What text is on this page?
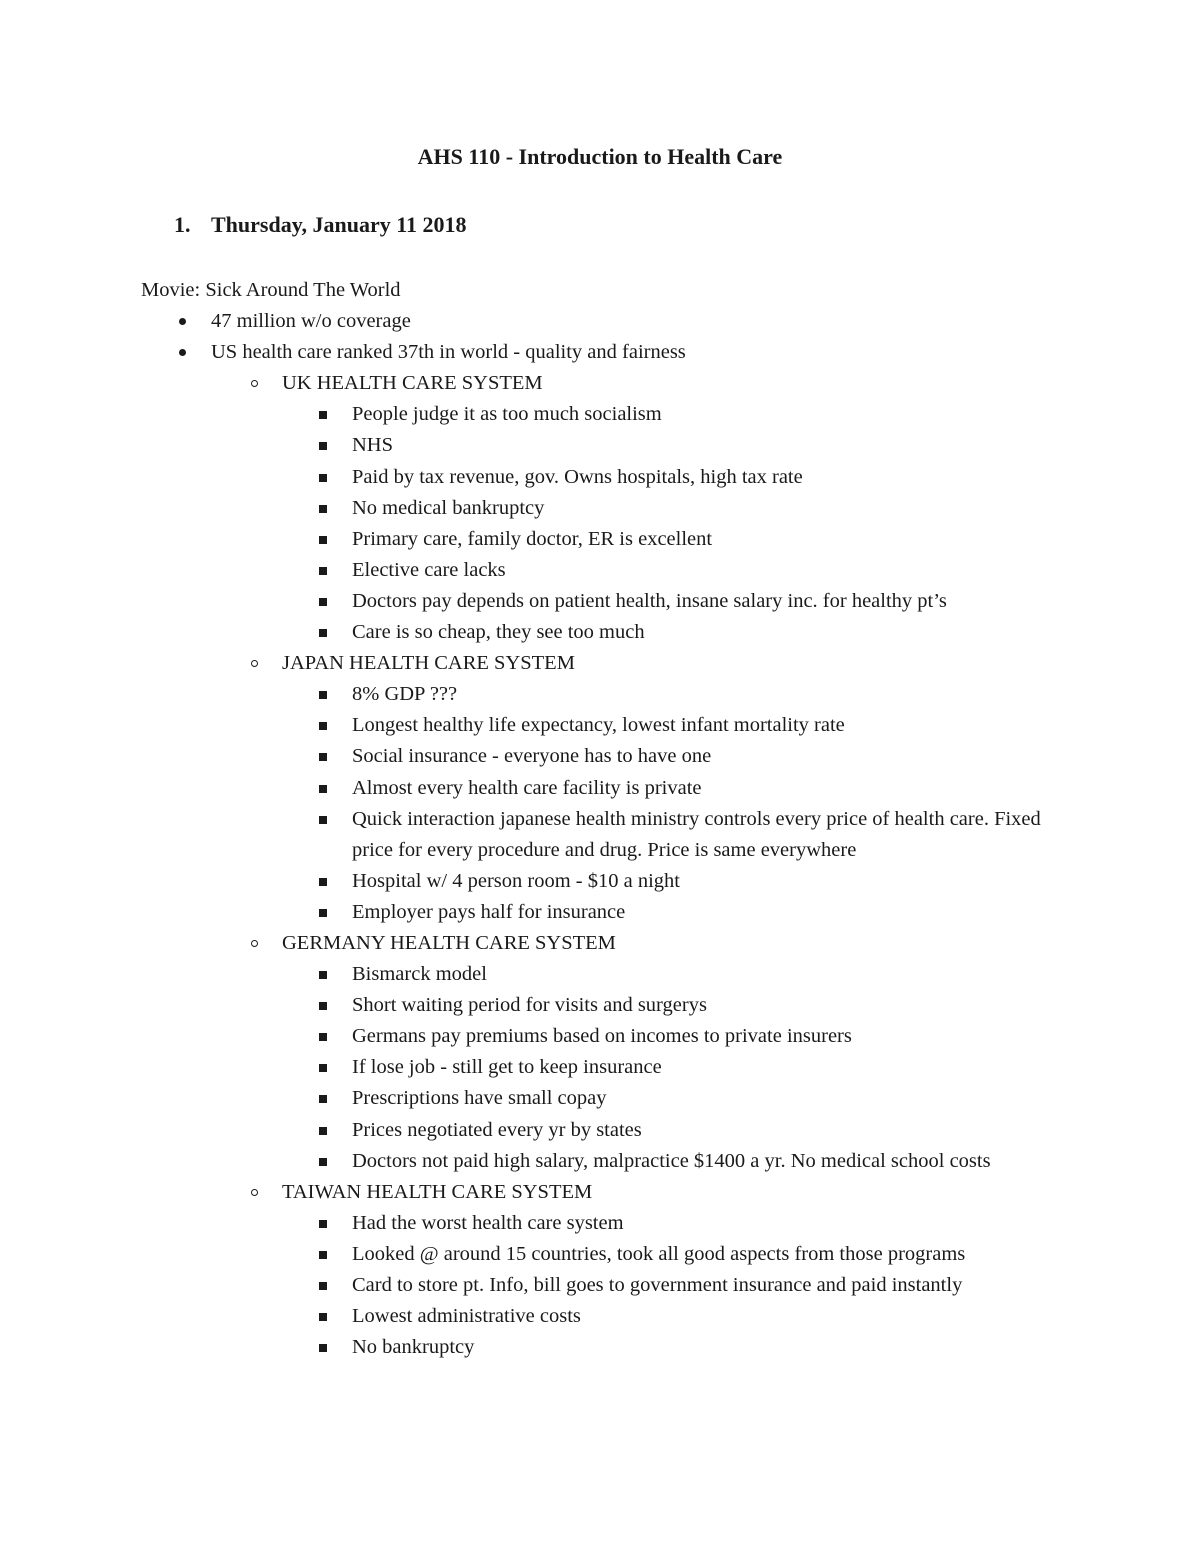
AHS 110 - Introduction to Health Care
1. Thursday, January 11 2018
Movie: Sick Around The World
47 million w/o coverage
US health care ranked 37th in world - quality and fairness
UK HEALTH CARE SYSTEM
People judge it as too much socialism
NHS
Paid by tax revenue, gov. Owns hospitals, high tax rate
No medical bankruptcy
Primary care, family doctor, ER is excellent
Elective care lacks
Doctors pay depends on patient health, insane salary inc. for healthy pt’s
Care is so cheap, they see too much
JAPAN HEALTH CARE SYSTEM
8% GDP ???
Longest healthy life expectancy, lowest infant mortality rate
Social insurance - everyone has to have one
Almost every health care facility is private
Quick interaction japanese health ministry controls every price of health care. Fixed price for every procedure and drug. Price is same everywhere
Hospital w/ 4 person room - $10 a night
Employer pays half for insurance
GERMANY HEALTH CARE SYSTEM
Bismarck model
Short waiting period for visits and surgerys
Germans pay premiums based on incomes to private insurers
If lose job - still get to keep insurance
Prescriptions have small copay
Prices negotiated every yr by states
Doctors not paid high salary, malpractice $1400 a yr. No medical school costs
TAIWAN HEALTH CARE SYSTEM
Had the worst health care system
Looked @ around 15 countries, took all good aspects from those programs
Card to store pt. Info, bill goes to government insurance and paid instantly
Lowest administrative costs
No bankruptcy
